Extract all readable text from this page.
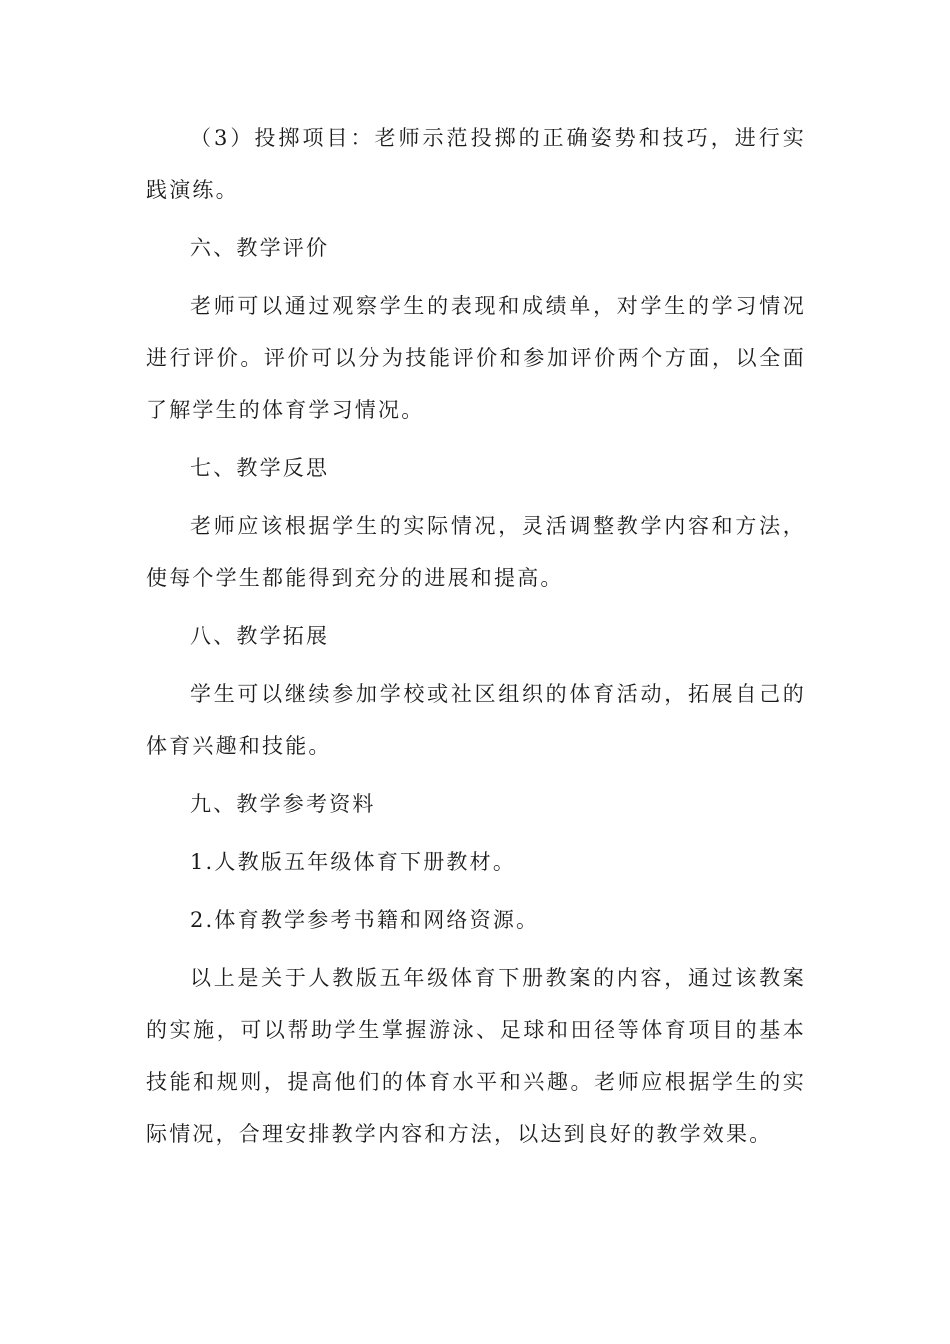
（3）投掷项目：老师示范投掷的正确姿势和技巧，进行实践演练。

六、教学评价

老师可以通过观察学生的表现和成绩单，对学生的学习情况进行评价。评价可以分为技能评价和参加评价两个方面，以全面了解学生的体育学习情况。

七、教学反思

老师应该根据学生的实际情况，灵活调整教学内容和方法，使每个学生都能得到充分的进展和提高。

八、教学拓展

学生可以继续参加学校或社区组织的体育活动，拓展自己的体育兴趣和技能。

九、教学参考资料

1.人教版五年级体育下册教材。

2.体育教学参考书籍和网络资源。

以上是关于人教版五年级体育下册教案的内容，通过该教案的实施，可以帮助学生掌握游泳、足球和田径等体育项目的基本技能和规则，提高他们的体育水平和兴趣。老师应根据学生的实际情况，合理安排教学内容和方法，以达到良好的教学效果。
